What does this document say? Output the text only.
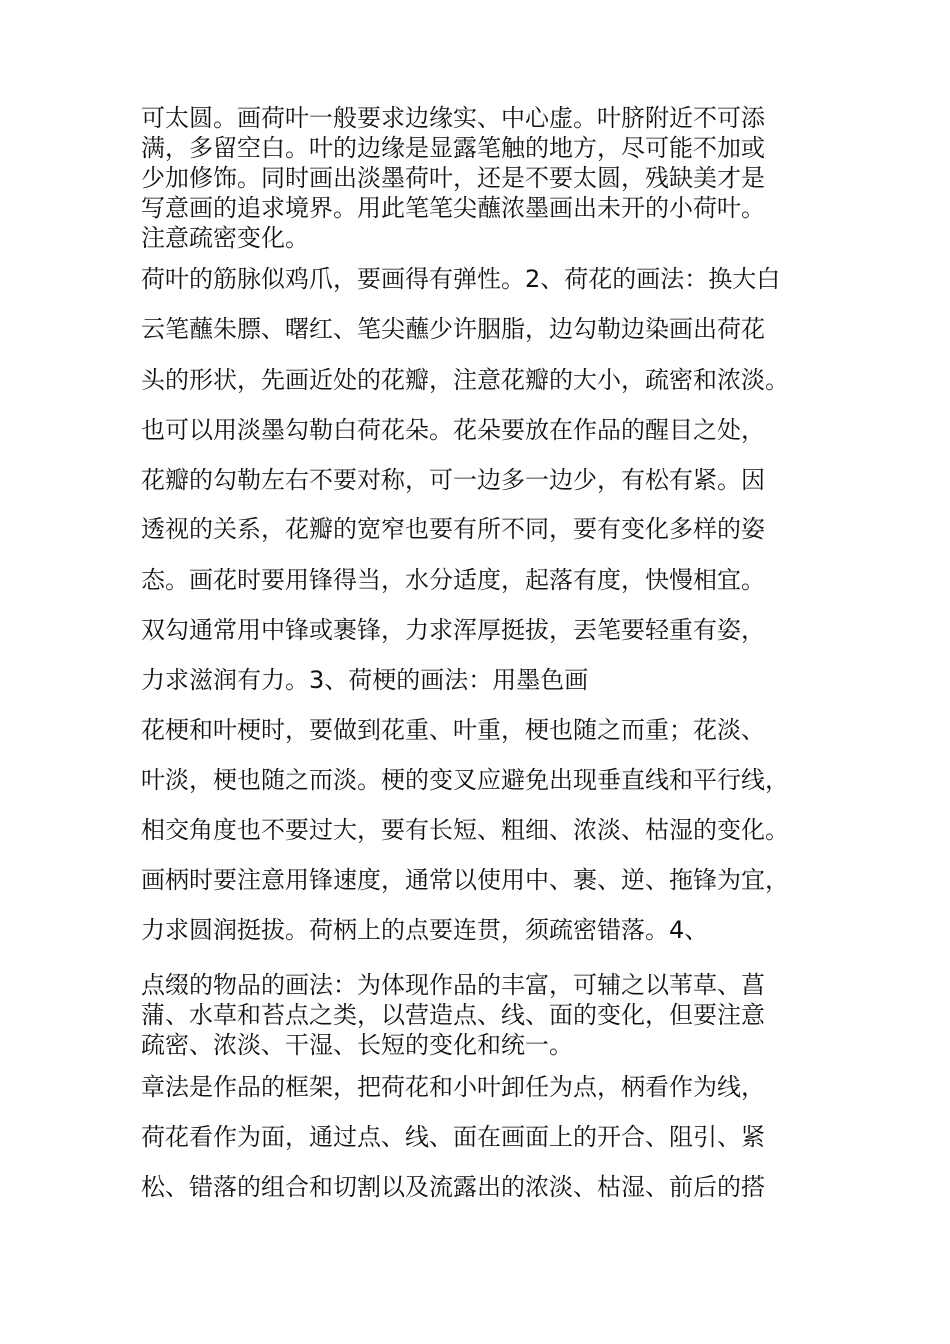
可太圆。画荷叶一般要求边缘实、中心虚。叶脐附近不可添
满，多留空白。叶的边缘是显露笔触的地方，尽可能不加或
少加修饰。同时画出淡墨荷叶，还是不要太圆，残缺美才是
写意画的追求境界。用此笔笔尖蘸浓墨画出未开的小荷叶。
注意疏密变化。
荷叶的筋脉似鸡爪，要画得有弹性。2、荷花的画法：换大白
云笔蘸朱膘、曙红、笔尖蘸少许胭脂，边勾勒边染画出荷花
头的形状，先画近处的花瓣，注意花瓣的大小，疏密和浓淡。
也可以用淡墨勾勒白荷花朵。花朵要放在作品的醒目之处，
花瓣的勾勒左右不要对称，可一边多一边少，有松有紧。因
透视的关系，花瓣的宽窄也要有所不同，要有变化多样的姿
态。画花时要用锋得当，水分适度，起落有度，快慢相宜。
双勾通常用中锋或裹锋，力求浑厚挺拔，丟笔要轻重有姿，
力求滋润有力。3、荷梗的画法：用墨色画
花梗和叶梗时，要做到花重、叶重，梗也随之而重；花淡、
叶淡，梗也随之而淡。梗的变叉应避免出现垂直线和平行线，
相交角度也不要过大，要有长短、粗细、浓淡、枯湿的变化。
画柄时要注意用锋速度，通常以使用中、裹、逆、拖锋为宜，
力求圆润挺拔。荷柄上的点要连贯，须疏密错落。4、
点缀的物品的画法：为体现作品的丰富，可辅之以苇草、菖
蒲、水草和苔点之类，以营造点、线、面的变化，但要注意
疏密、浓淡、干湿、长短的变化和统一。
章法是作品的框架，把荷花和小叶卸任为点，柄看作为线，
荷花看作为面，通过点、线、面在画面上的开合、阻引、紧
松、错落的组合和切割以及流露出的浓淡、枯湿、前后的搭
